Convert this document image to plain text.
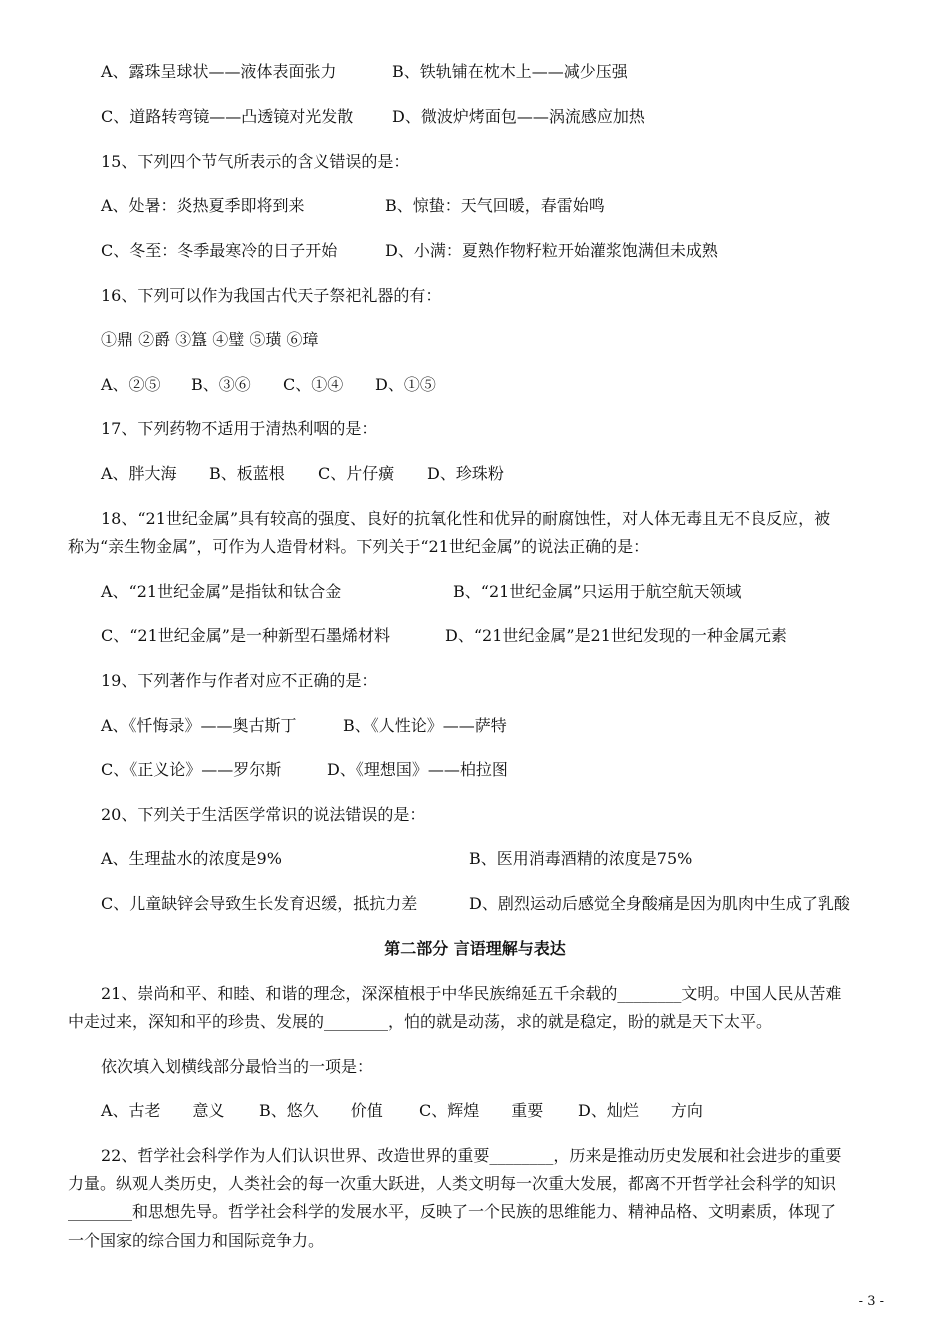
A、露珠呈球状——液体表面张力	B、铁轨铺在枕木上——减少压强
C、道路转弯镜——凸透镜对光发散 D、微波炉烤面包——涡流感应加热
15、下列四个节气所表示的含义错误的是：
A、处暑：炎热夏季即将到来	B、惊蛰：天气回暖，春雷始鸣
C、冬至：冬季最寒冷的日子开始	D、小满：夏熟作物籽粒开始灌浆饱满但未成熟
16、下列可以作为我国古代天子祭祀礼器的有：
①鼎 ②爵 ③簋 ④璧 ⑤璜 ⑥璋
A、②⑤ B、③⑥ C、①④ D、①⑤
17、下列药物不适用于清热利咽的是：
A、胖大海 B、板蓝根 C、片仔癀 D、珍珠粉
18、“21世纪金属”具有较高的强度、良好的抗氧化性和优异的耐腐蚀性，对人体无毒且无不良反应，被
称为“亲生物金属”，可作为人造骨材料。下列关于“21世纪金属”的说法正确的是：
A、“21世纪金属”是指钛和钛合金	B、“21世纪金属”只运用于航空航天领域
C、“21世纪金属”是一种新型石墨烯材料	D、“21世纪金属”是21世纪发现的一种金属元素
19、下列著作与作者对应不正确的是：
A、《忏悔录》——奥古斯丁	B、《人性论》——萨特
C、《正义论》——罗尔斯	D、《理想国》——柏拉图
20、下列关于生活医学常识的说法错误的是：
A、生理盐水的浓度是9%	B、医用消毒酒精的浓度是75%
C、儿童缺锌会导致生长发育迟缓，抵抗力差	D、剧烈运动后感觉全身酸痛是因为肌肉中生成了乳酸
第二部分 言语理解与表达
21、崇尚和平、和睦、和谐的理念，深深植根于中华民族绵延五千余载的________文明。中国人民从苦难
中走过来，深知和平的珍贵、发展的________，怕的就是动荡，求的就是稳定，盼的就是天下太平。
依次填入划横线部分最恰当的一项是：
A、古老　　意义 B、悠久　　价值 C、辉煌　　重要 D、灿烂　　方向
22、哲学社会科学作为人们认识世界、改造世界的重要________，历来是推动历史发展和社会进步的重要
力量。纵观人类历史，人类社会的每一次重大跃进，人类文明每一次重大发展，都离不开哲学社会科学的知识
________和思想先导。哲学社会科学的发展水平，反映了一个民族的思维能力、精神品格、文明素质，体现了
一个国家的综合国力和国际竞争力。
- 3 -
